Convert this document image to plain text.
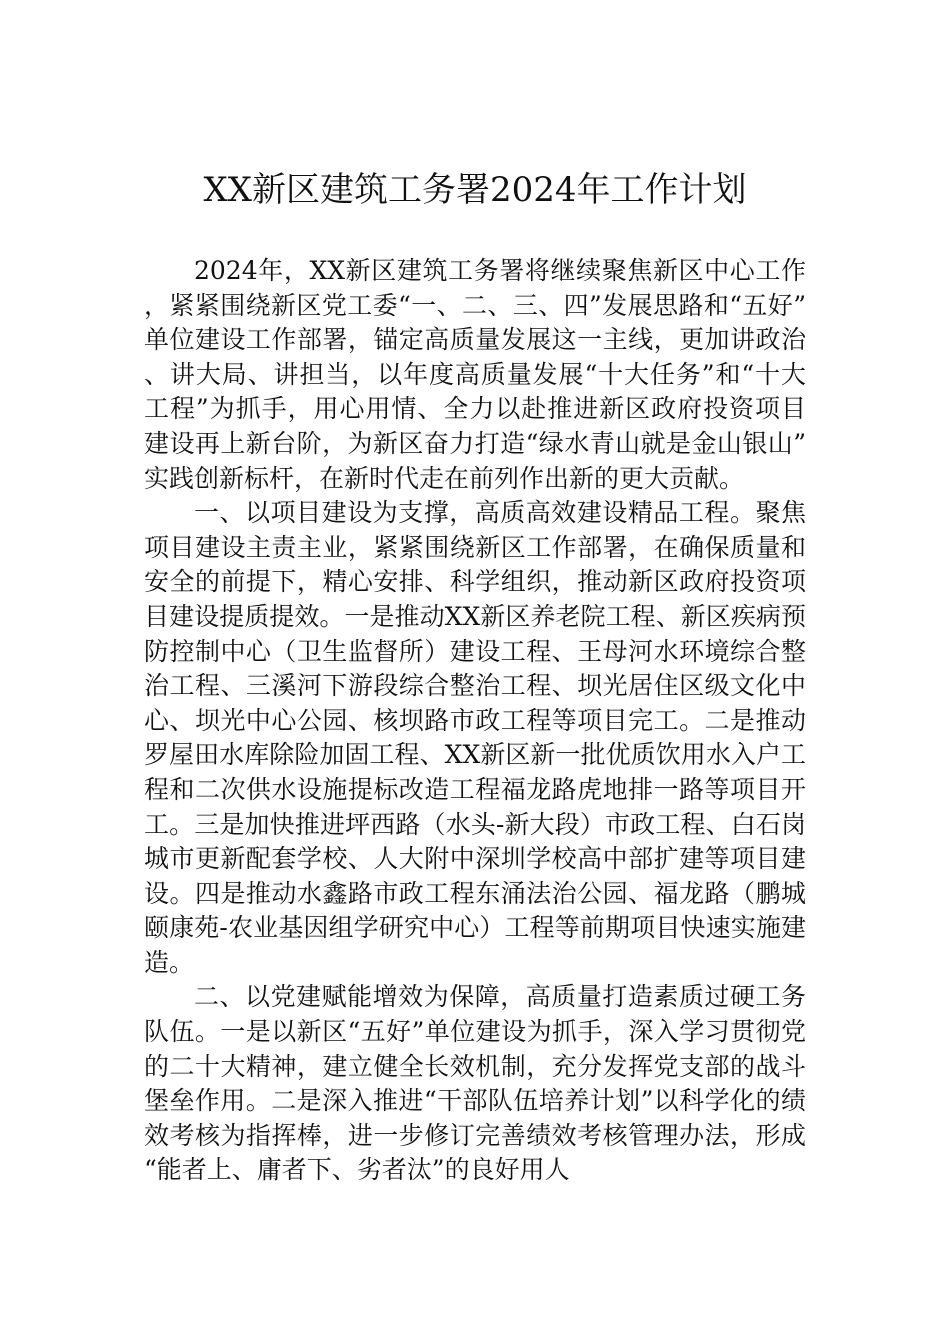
XX新区建筑工务署2024年工作计划

2024年，XX新区建筑工务署将继续聚焦新区中心工作，紧紧围绕新区党工委“一、二、三、四”发展思路和“五好”单位建设工作部署，锚定高质量发展这一主线，更加讲政治、讲大局、讲担当，以年度高质量发展“十大任务”和“十大工程”为抓手，用心用情、全力以赴推进新区政府投资项目建设再上新台阶，为新区奋力打造“绿水青山就是金山银山”实践创新标杆，在新时代走在前列作出新的更大贡献。

一、以项目建设为支撑，高质高效建设精品工程。聚焦项目建设主责主业，紧紧围绕新区工作部署，在确保质量和安全的前提下，精心安排、科学组织，推动新区政府投资项目建设提质提效。一是推动XX新区养老院工程、新区疾病预防控制中心（卫生监督所）建设工程、王母河水环境综合整治工程、三溪河下游段综合整治工程、坝光居住区级文化中心、坝光中心公园、核坝路市政工程等项目完工。二是推动罗屋田水库除险加固工程、XX新区新一批优质饮用水入户工程和二次供水设施提标改造工程福龙路虎地排一路等项目开工。三是加快推进坪西路（水头-新大段）市政工程、白石岗城市更新配套学校、人大附中深圳学校高中部扩建等项目建设。四是推动水鑫路市政工程东涌法治公园、福龙路（鹏城颐康苑-农业基因组学研究中心）工程等前期项目快速实施建造。

二、以党建赋能增效为保障，高质量打造素质过硬工务队伍。一是以新区“五好”单位建设为抓手，深入学习贯彻党的二十大精神，建立健全长效机制，充分发挥党支部的战斗堡垒作用。二是深入推进“干部队伍培养计划”以科学化的绩效考核为指挥棒，进一步修订完善绩效考核管理办法，形成“能者上、庸者下、劣者汰”的良好用人
